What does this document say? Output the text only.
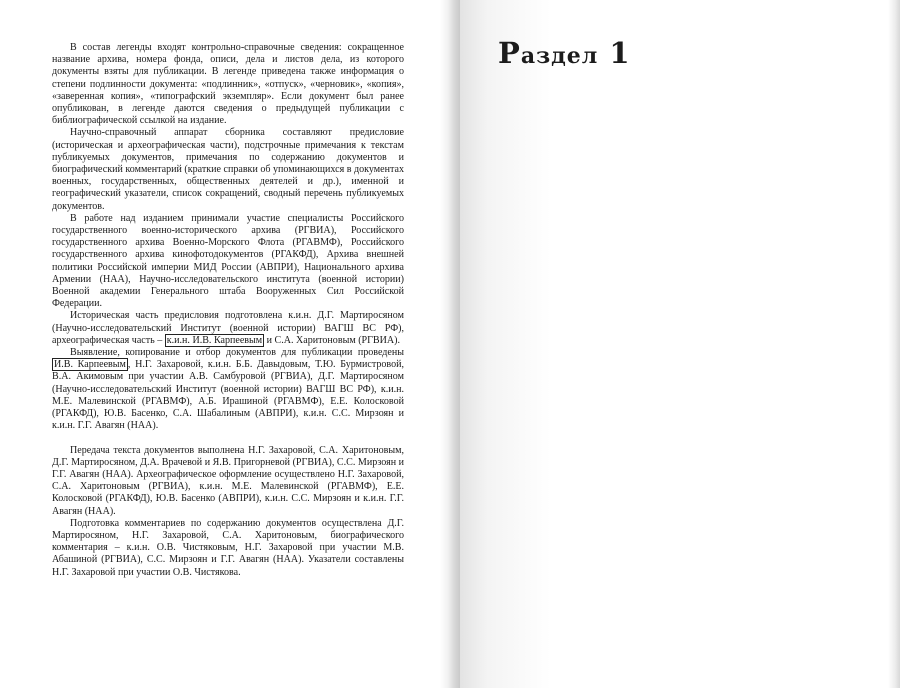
В состав легенды входят контрольно-справочные сведения: сокращенное название архива, номера фонда, описи, дела и листов дела, из которого документы взяты для публикации. В легенде приведена также информация о степени подлинности документа: «подлинник», «отпуск», «черновик», «копия», «заверенная копия», «типографский экземпляр». Если документ был ранее опубликован, в легенде даются сведения о предыдущей публикации с библиографической ссылкой на издание.

Научно-справочный аппарат сборника составляют предисловие (историческая и археографическая части), подстрочные примечания к текстам публикуемых документов, примечания по содержанию документов и биографический комментарий (краткие справки об упоминающихся в документах военных, государственных, общественных деятелей и др.), именной и географический указатели, список сокращений, сводный перечень публикуемых документов.

В работе над изданием принимали участие специалисты Российского государственного военно-исторического архива (РГВИА), Российского государственного архива Военно-Морского Флота (РГАВМФ), Российского государственного архива кинофотодокументов (РГАКФД), Архива внешней политики Российской империи МИД России (АВПРИ), Национального архива Армении (НАА), Научно-исследовательского института (военной истории) Военной академии Генерального штаба Вооруженных Сил Российской Федерации.

Историческая часть предисловия подготовлена к.и.н. Д.Г. Мартиросяном (Научно-исследовательский Институт (военной истории) ВАГШ ВС РФ), археографическая часть – к.и.н. И.В. Карпеевым и С.А. Харитоновым (РГВИА).

Выявление, копирование и отбор документов для публикации проведены И.В. Карпеевым , Н.Г. Захаровой, к.и.н. Б.Б. Давыдовым, Т.Ю. Бурмистровой, В.А. Акимовым при участии А.В. Самбуровой (РГВИА), Д.Г. Мартиросяном (Научно-исследовательский Институт (военной истории) ВАГШ ВС РФ), к.и.н. М.Е. Малевинской (РГАВМФ), А.Б. Ирашиной (РГАВМФ), Е.Е. Колосковой (РГАКФД), Ю.В. Басенко, С.А. Шабалиным (АВПРИ), к.и.н. С.С. Мирзоян и к.и.н. Г.Г. Авагян (НАА).

Передача текста документов выполнена Н.Г. Захаровой, С.А. Харитоновым, Д.Г. Мартиросяном, Д.А. Врачевой и Я.В. Пригорневой (РГВИА), С.С. Мирзоян и Г.Г. Авагян (НАА). Археографическое оформление осуществлено Н.Г. Захаровой, С.А. Харитоновым (РГВИА), к.и.н. М.Е. Малевинской (РГАВМФ), Е.Е. Колосковой (РГАКФД), Ю.В. Басенко (АВПРИ), к.и.н. С.С. Мирзоян и к.и.н. Г.Г. Авагян (НАА).

Подготовка комментариев по содержанию документов осуществлена Д.Г. Мартиросяном, Н.Г. Захаровой, С.А. Харитоновым, биографического комментария – к.и.н. О.В. Чистяковым, Н.Г. Захаровой при участии М.В. Абашиной (РГВИА), С.С. Мирзоян и Г.Г. Авагян (НАА). Указатели составлены Н.Г. Захаровой при участии О.В. Чистякова.

Раздел 1
